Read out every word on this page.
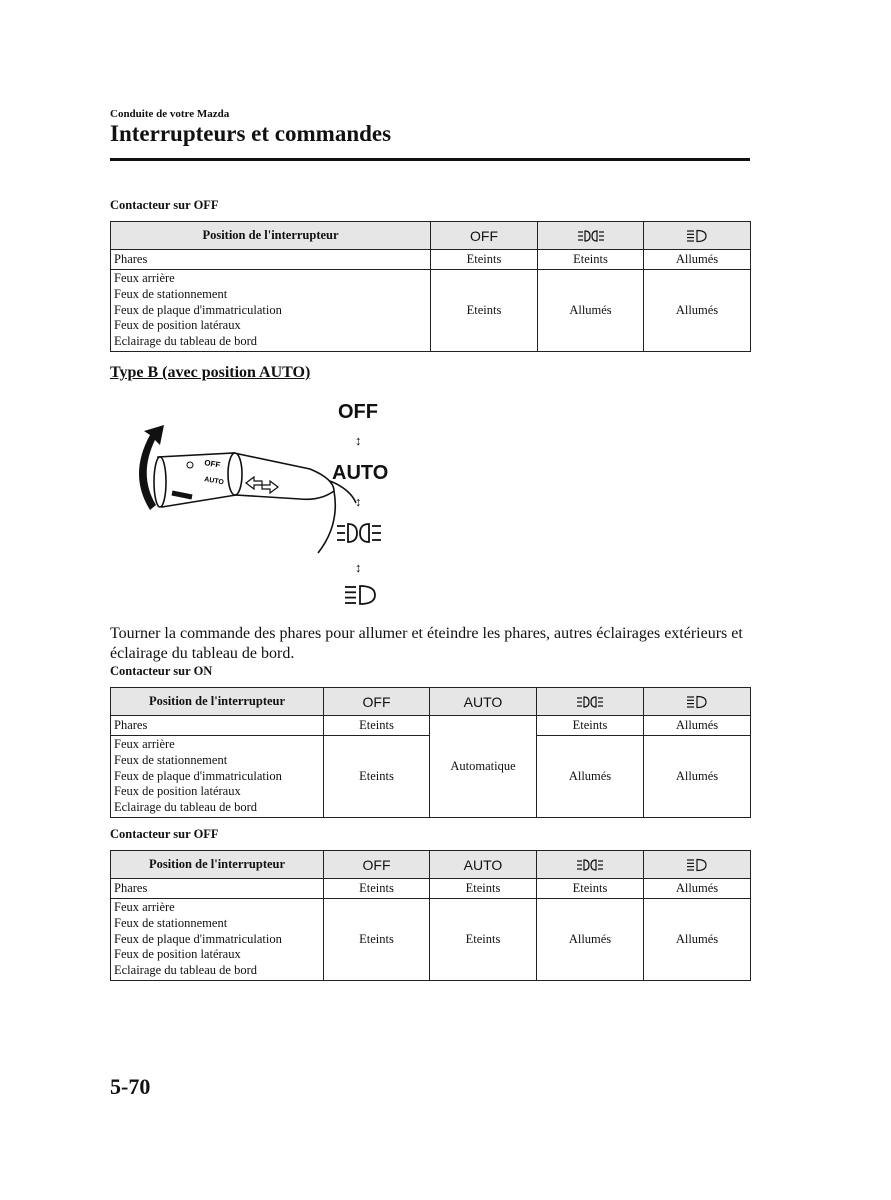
Conduite de votre Mazda
Interrupteurs et commandes
Contacteur sur OFF
Position de l'interrupteur	OFF		
Phares	Eteints	Eteints	Allumés

Feux arrière
Feux de stationnement
Feux de plaque d'immatriculation
Feux de position latéraux
Eclairage du tableau de bord	Eteints	Allumés	Allumés
Type B (avec position AUTO)
OFF
AUTO
OFF
↕
AUTO
↕
↕
Tourner la commande des phares pour allumer et éteindre les phares, autres éclairages extérieurs et éclairage du tableau de bord.
Contacteur sur ON
Position de l'interrupteur	OFF	AUTO		
Phares	Eteints	Automatique	Eteints	Allumés

Feux arrière
Feux de stationnement
Feux de plaque d'immatriculation
Feux de position latéraux
Eclairage du tableau de bord	Eteints		Allumés	Allumés
Contacteur sur OFF
Position de l'interrupteur	OFF	AUTO		
Phares	Eteints	Eteints	Eteints	Allumés

Feux arrière
Feux de stationnement
Feux de plaque d'immatriculation
Feux de position latéraux
Eclairage du tableau de bord	Eteints	Eteints	Allumés	Allumés
5-70
